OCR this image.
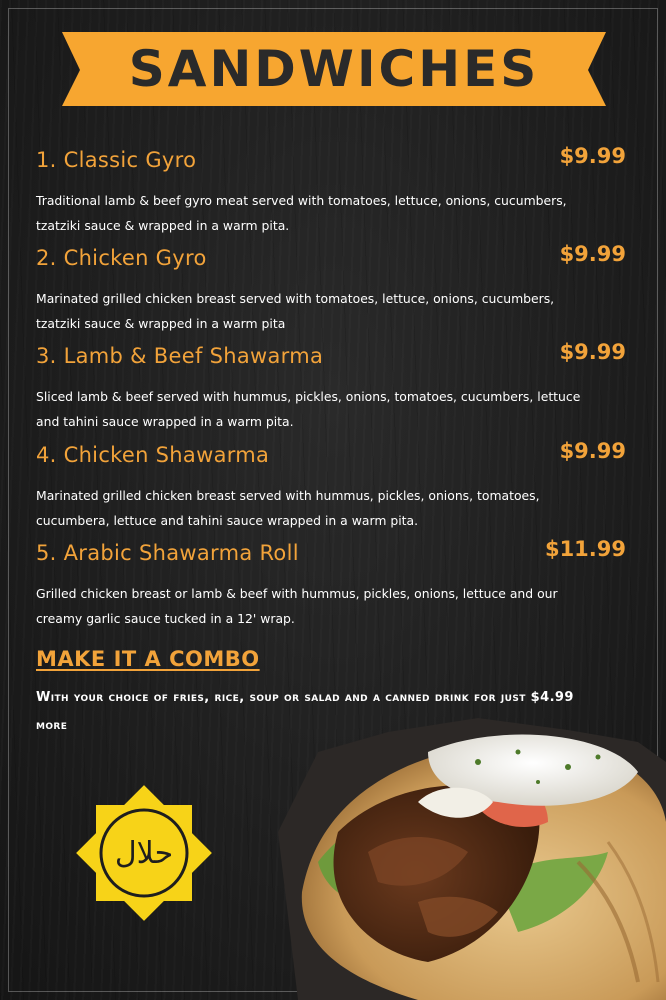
SANDWICHES
1. Classic Gyro	$9.99
Traditional lamb & beef gyro meat served with tomatoes, lettuce, onions, cucumbers, tzatziki sauce & wrapped in a warm pita.
2. Chicken Gyro	$9.99
Marinated grilled chicken breast served with tomatoes, lettuce, onions, cucumbers, tzatziki sauce & wrapped in a warm pita
3. Lamb & Beef Shawarma	$9.99
Sliced lamb & beef served with hummus, pickles, onions, tomatoes, cucumbers, lettuce and tahini sauce wrapped in a warm pita.
4. Chicken Shawarma	$9.99
Marinated grilled chicken breast served with hummus, pickles, onions, tomatoes, cucumbera, lettuce and tahini sauce wrapped in a warm pita.
5. Arabic Shawarma Roll	$11.99
Grilled chicken breast or lamb & beef with hummus, pickles, onions, lettuce and our creamy garlic sauce tucked in a 12' wrap.
MAKE IT A COMBO
With your choice of fries, rice, soup or salad and a canned drink for just $4.99 more
حلال
